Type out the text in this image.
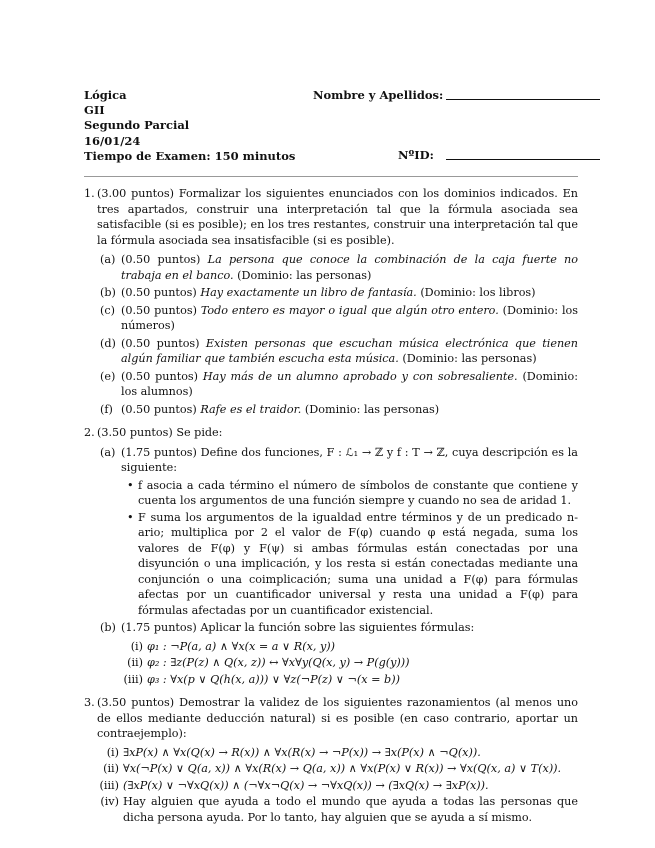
Lógica
GII
Segundo Parcial
16/01/24
Tiempo de Examen: 150 minutos
Nombre y Apellidos:
NºID:
1. (3.00 puntos) Formalizar los siguientes enunciados con los dominios indicados. En tres apartados, construir una interpretación tal que la fórmula asociada sea satisfacible (si es posible); en los tres restantes, construir una interpretación tal que la fórmula asociada sea insatisfacible (si es posible).
(a) (0.50 puntos) La persona que conoce la combinación de la caja fuerte no trabaja en el banco. (Dominio: las personas)
(b) (0.50 puntos) Hay exactamente un libro de fantasía. (Dominio: los libros)
(c) (0.50 puntos) Todo entero es mayor o igual que algún otro entero. (Dominio: los números)
(d) (0.50 puntos) Existen personas que escuchan música electrónica que tienen algún familiar que también escucha esta música. (Dominio: las personas)
(e) (0.50 puntos) Hay más de un alumno aprobado y con sobresaliente. (Dominio: los alumnos)
(f) (0.50 puntos) Rafe es el traidor. (Dominio: las personas)
2. (3.50 puntos) Se pide:
(a) (1.75 puntos) Define dos funciones, F : ℒ₁ → ℤ y f : T → ℤ, cuya descripción es la siguiente:
• f asocia a cada término el número de símbolos de constante que contiene y cuenta los argumentos de una función siempre y cuando no sea de aridad 1.
• F suma los argumentos de la igualdad entre términos y de un predicado n-ario; multiplica por 2 el valor de F(φ) cuando φ está negada, suma los valores de F(φ) y F(ψ) si ambas fórmulas están conectadas por una disyunción o una implicación, y los resta si están conectadas mediante una conjunción o una coimplicación; suma una unidad a F(φ) para fórmulas afectas por un cuantificador universal y resta una unidad a F(φ) para fórmulas afectadas por un cuantificador existencial.
(b) (1.75 puntos) Aplicar la función sobre las siguientes fórmulas:
(i) φ₁ : ¬P(a, a) ∧ ∀x(x = a ∨ R(x, y))
(ii) φ₂ : ∃z(P(z) ∧ Q(x, z)) ↔ ∀x∀y(Q(x, y) → P(g(y)))
(iii) φ₃ : ∀x(p ∨ Q(h(x, a))) ∨ ∀z(¬P(z) ∨ ¬(x = b))
3. (3.50 puntos) Demostrar la validez de los siguientes razonamientos (al menos uno de ellos mediante deducción natural) si es posible (en caso contrario, aportar un contraejemplo):
(i) ∃xP(x) ∧ ∀x(Q(x) → R(x)) ∧ ∀x(R(x) → ¬P(x)) → ∃x(P(x) ∧ ¬Q(x)).
(ii) ∀x(¬P(x) ∨ Q(a, x)) ∧ ∀x(R(x) → Q(a, x)) ∧ ∀x(P(x) ∨ R(x)) → ∀x(Q(x, a) ∨ T(x)).
(iii) (∃xP(x) ∨ ¬∀xQ(x)) ∧ (¬∀x¬Q(x) → ¬∀xQ(x)) → (∃xQ(x) → ∃xP(x)).
(iv) Hay alguien que ayuda a todo el mundo que ayuda a todas las personas que dicha persona ayuda. Por lo tanto, hay alguien que se ayuda a sí mismo.
